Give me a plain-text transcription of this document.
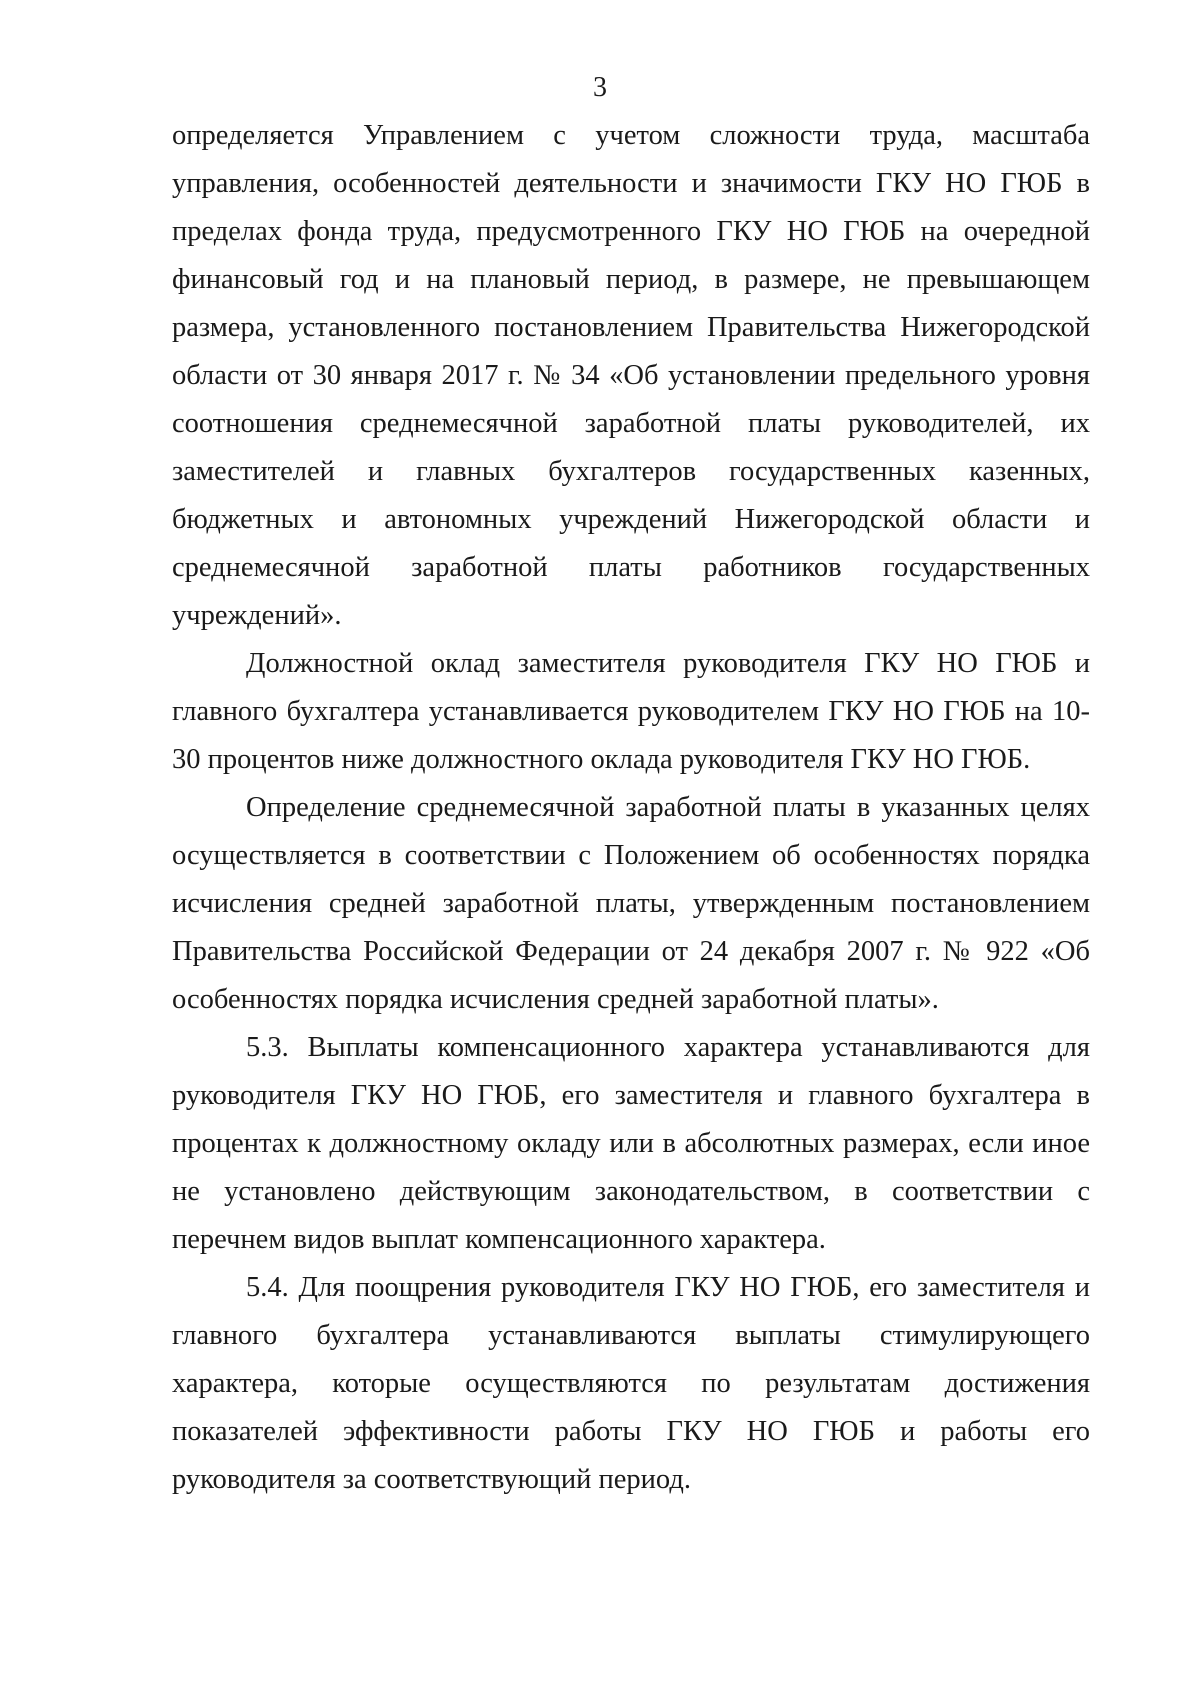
3

определяется Управлением с учетом сложности труда, масштаба управления, особенностей деятельности и значимости ГКУ НО ГЮБ в пределах фонда труда, предусмотренного ГКУ НО ГЮБ на очередной финансовый год и на плановый период, в размере, не превышающем размера, установленного постановлением Правительства Нижегородской области от 30 января 2017 г. № 34 «Об установлении предельного уровня соотношения среднемесячной заработной платы руководителей, их заместителей и главных бухгалтеров государственных казенных, бюджетных и автономных учреждений Нижегородской области и среднемесячной заработной платы работников государственных учреждений».

Должностной оклад заместителя руководителя ГКУ НО ГЮБ и главного бухгалтера устанавливается руководителем ГКУ НО ГЮБ на 10-30 процентов ниже должностного оклада руководителя ГКУ НО ГЮБ.

Определение среднемесячной заработной платы в указанных целях осуществляется в соответствии с Положением об особенностях порядка исчисления средней заработной платы, утвержденным постановлением Правительства Российской Федерации от 24 декабря 2007 г. № 922 «Об особенностях порядка исчисления средней заработной платы».

5.3. Выплаты компенсационного характера устанавливаются для руководителя ГКУ НО ГЮБ, его заместителя и главного бухгалтера в процентах к должностному окладу или в абсолютных размерах, если иное не установлено действующим законодательством, в соответствии с перечнем видов выплат компенсационного характера.

5.4. Для поощрения руководителя ГКУ НО ГЮБ, его заместителя и главного бухгалтера устанавливаются выплаты стимулирующего характера, которые осуществляются по результатам достижения показателей эффективности работы ГКУ НО ГЮБ и работы его руководителя за соответствующий период.
